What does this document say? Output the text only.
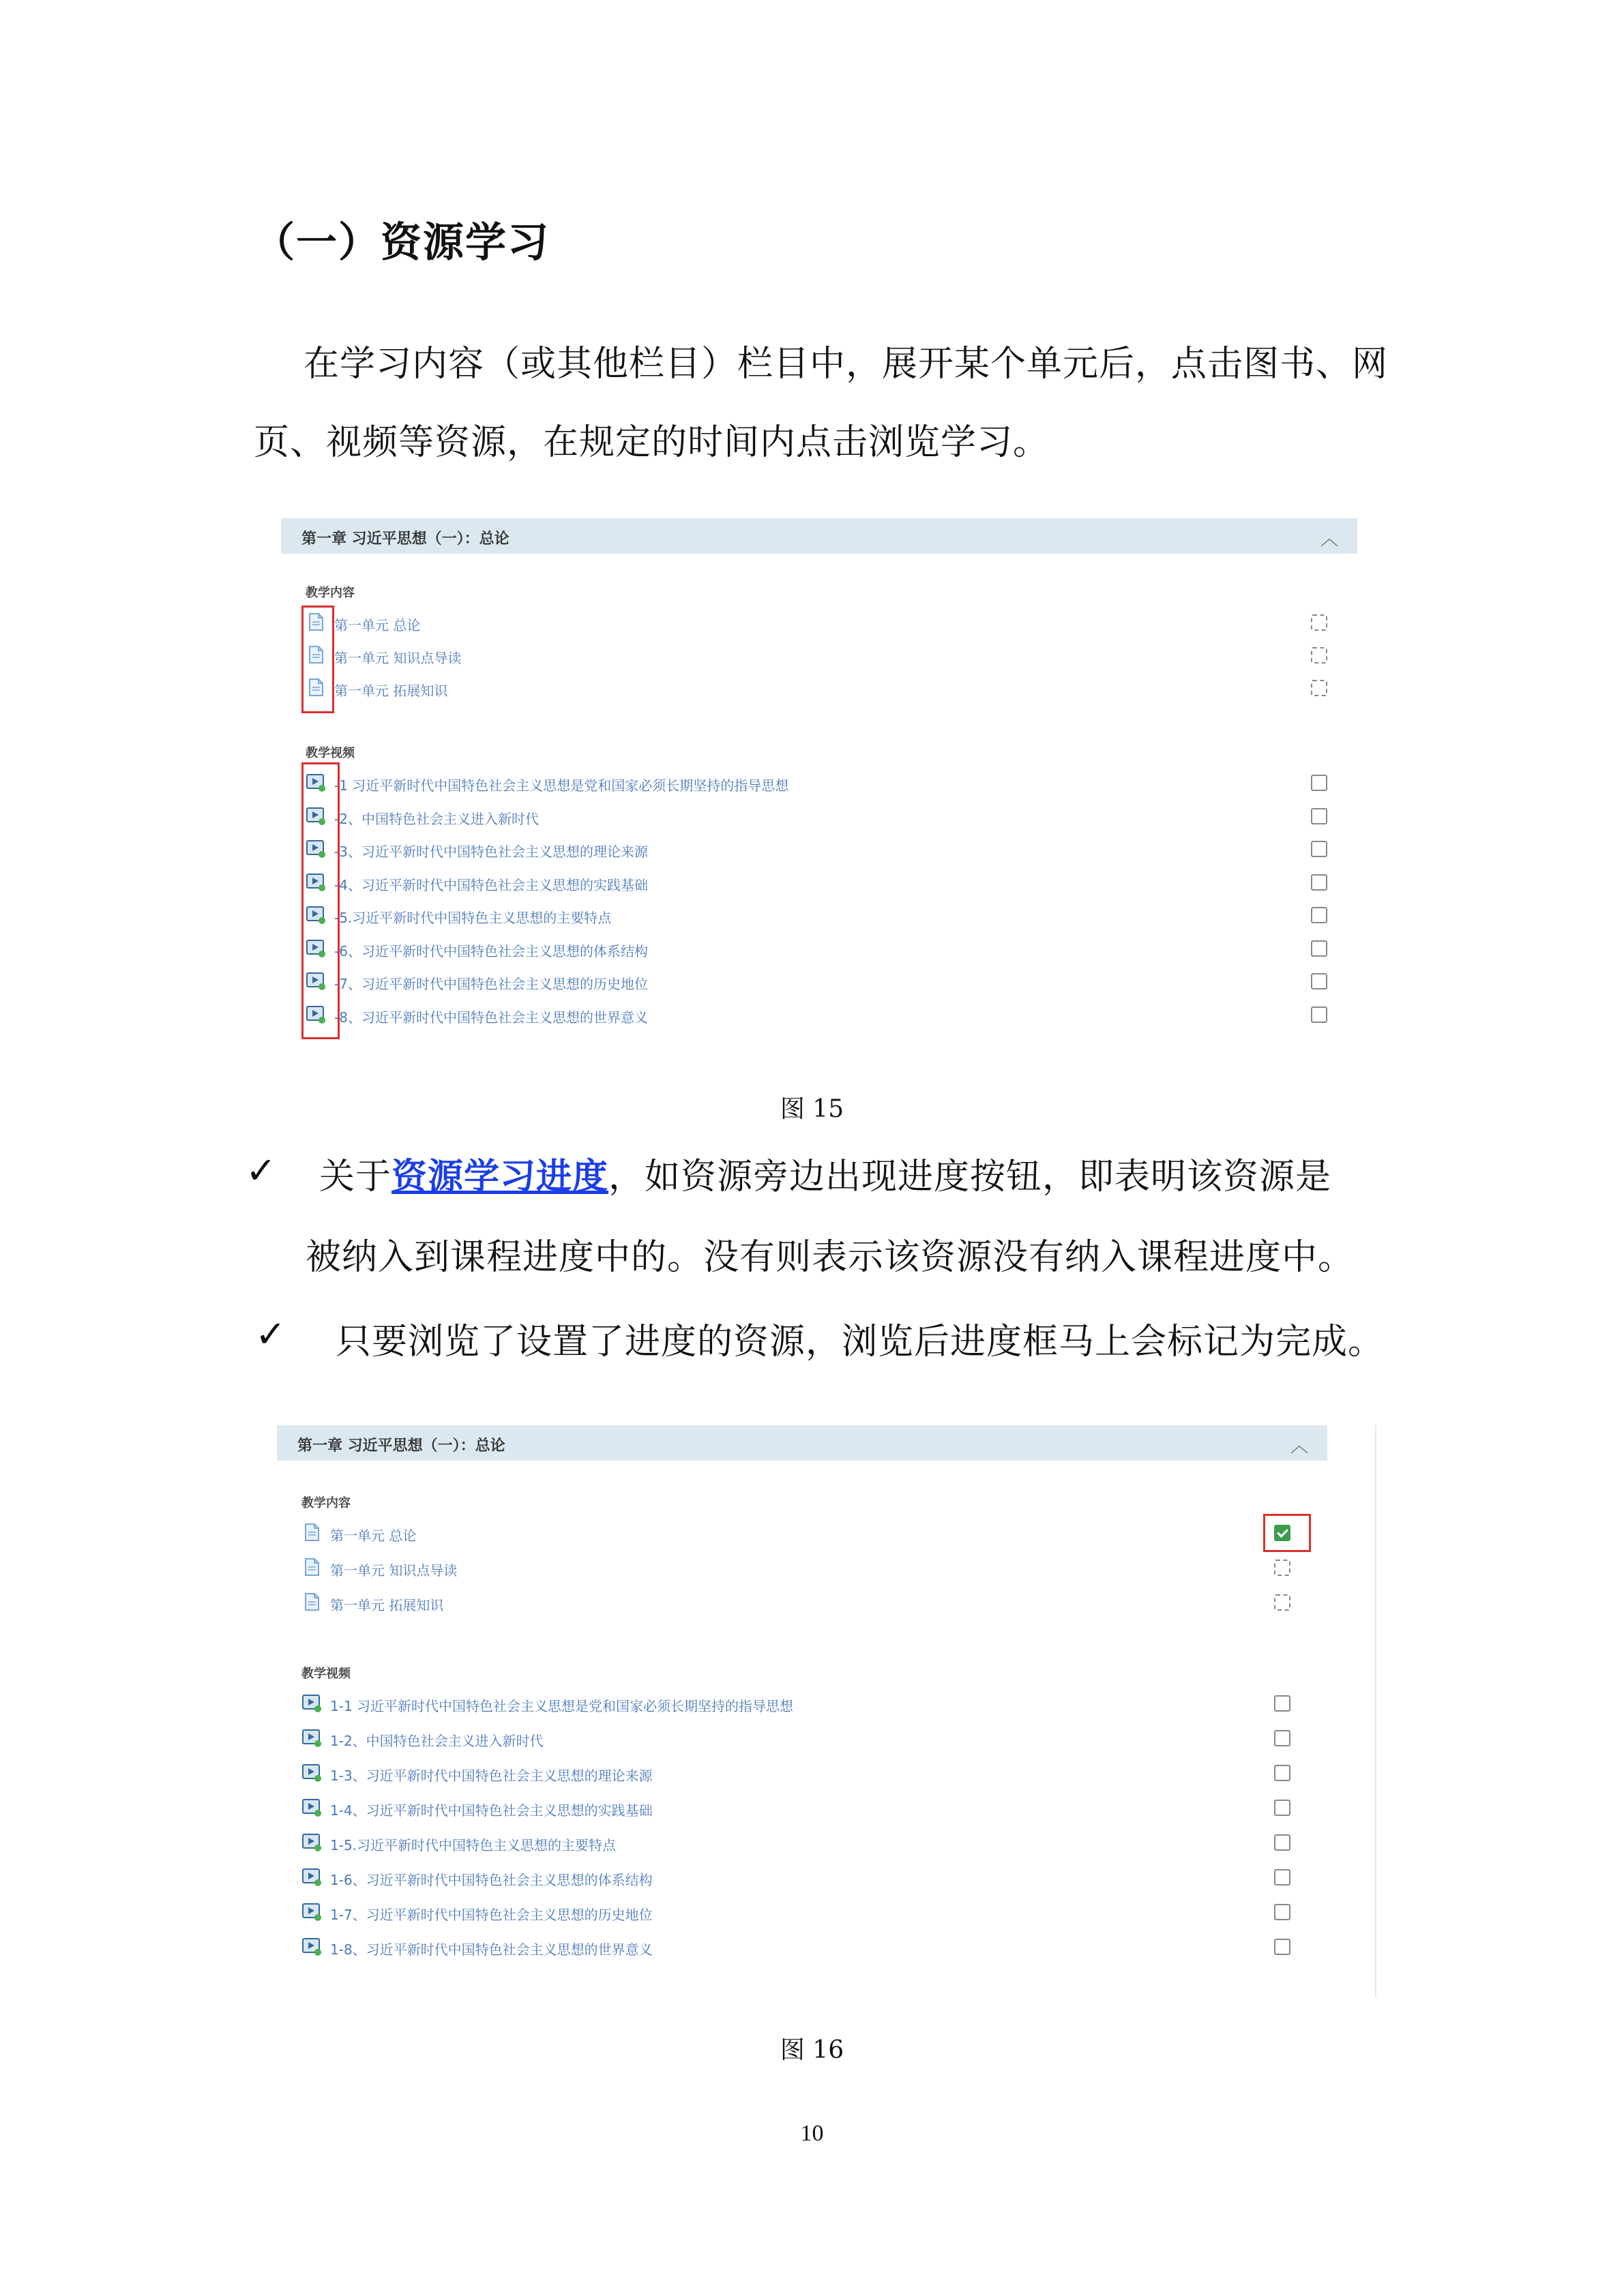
（一）资源学习
在学习内容（或其他栏目）栏目中，展开某个单元后，点击图书、网
页、视频等资源，在规定的时间内点击浏览学习。
第一章 习近平思想（一）：总论	︿
教学内容
第一单元 总论
第一单元 知识点导读
第一单元 拓展知识
教学视频
-1 习近平新时代中国特色社会主义思想是党和国家必须长期坚持的指导思想
-2、中国特色社会主义进入新时代
-3、习近平新时代中国特色社会主义思想的理论来源
-4、习近平新时代中国特色社会主义思想的实践基础
-5.习近平新时代中国特色主义思想的主要特点
-6、习近平新时代中国特色社会主义思想的体系结构
-7、习近平新时代中国特色社会主义思想的历史地位
-8、习近平新时代中国特色社会主义思想的世界意义
图 15
✓ 关于资源学习进度，如资源旁边出现进度按钮，即表明该资源是
被纳入到课程进度中的。没有则表示该资源没有纳入课程进度中。
✓ 只要浏览了设置了进度的资源，浏览后进度框马上会标记为完成。
第一章 习近平思想（一）：总论	︿
教学内容
第一单元 总论
第一单元 知识点导读
第一单元 拓展知识
教学视频
1-1 习近平新时代中国特色社会主义思想是党和国家必须长期坚持的指导思想
1-2、中国特色社会主义进入新时代
1-3、习近平新时代中国特色社会主义思想的理论来源
1-4、习近平新时代中国特色社会主义思想的实践基础
1-5.习近平新时代中国特色主义思想的主要特点
1-6、习近平新时代中国特色社会主义思想的体系结构
1-7、习近平新时代中国特色社会主义思想的历史地位
1-8、习近平新时代中国特色社会主义思想的世界意义
图 16
10
